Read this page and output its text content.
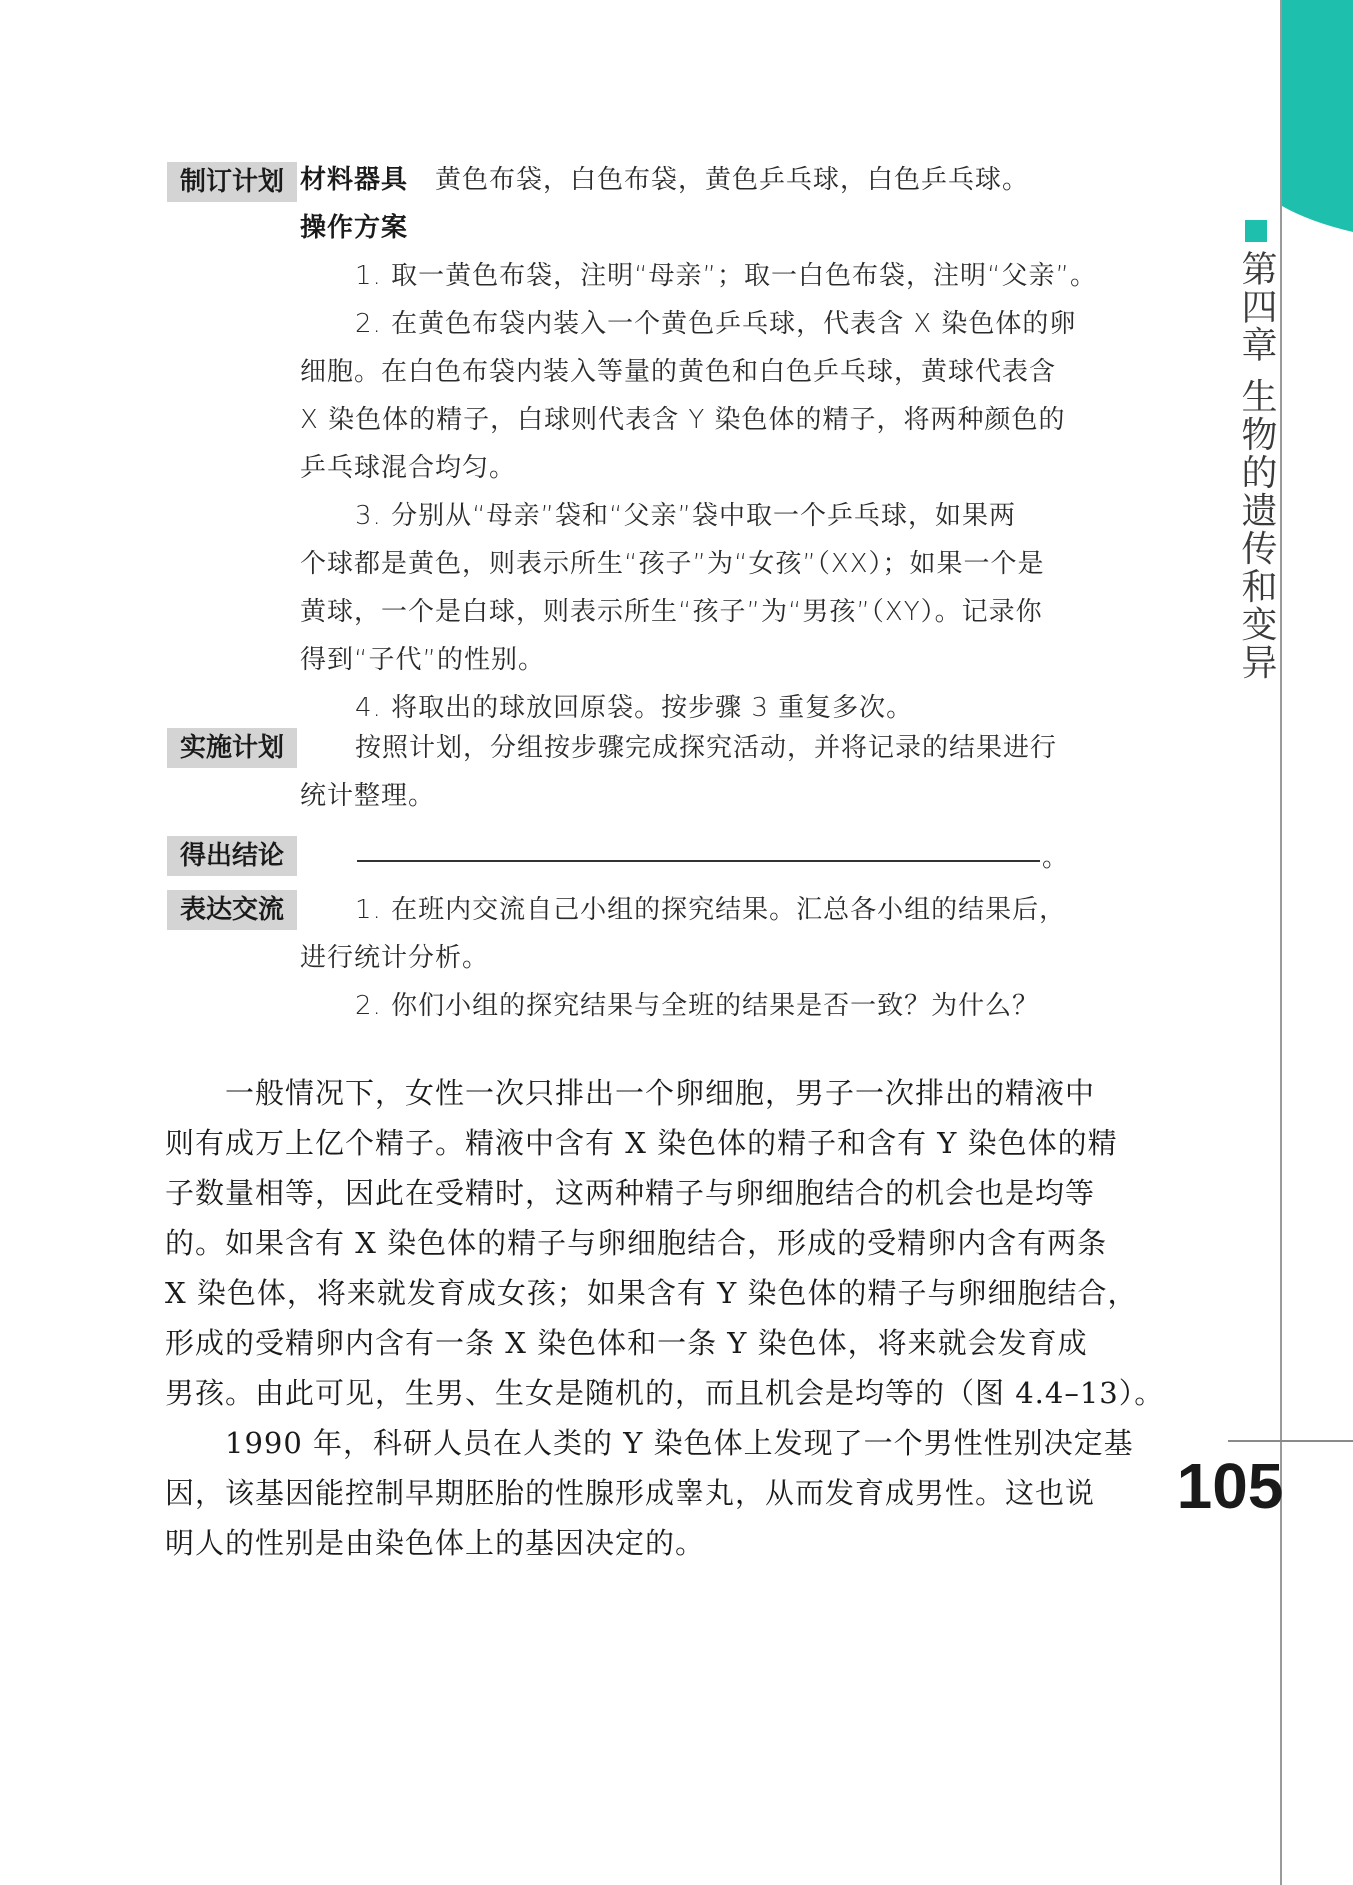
第四章 生物的遗传和变异
105
制订计划 材料器具　 黄色布袋，白色布袋，黄色乒乓球，白色乒乓球。
操作方案
1. 取一黄色布袋，注明“母亲”；取一白色布袋，注明“父亲”。
2. 在黄色布袋内装入一个黄色乒乓球，代表含 X 染色体的卵
细胞。在白色布袋内装入等量的黄色和白色乒乓球，黄球代表含
X 染色体的精子，白球则代表含 Y 染色体的精子，将两种颜色的
乒乓球混合均匀。
3. 分别从“母亲”袋和“父亲”袋中取一个乒乓球，如果两
个球都是黄色，则表示所生“孩子”为“女孩”（XX）；如果一个是
黄球，一个是白球，则表示所生“孩子”为“男孩”（XY）。记录你
得到“子代”的性别。
4. 将取出的球放回原袋。按步骤 3 重复多次。
实施计划	按照计划，分组按步骤完成探究活动，并将记录的结果进行
统计整理。
得出结论	。
表达交流	1. 在班内交流自己小组的探究结果。汇总各小组的结果后，
进行统计分析。
2. 你们小组的探究结果与全班的结果是否一致？为什么？
一般情况下，女性一次只排出一个卵细胞，男子一次排出的精液中
则有成万上亿个精子。精液中含有 X 染色体的精子和含有 Y 染色体的精
子数量相等，因此在受精时，这两种精子与卵细胞结合的机会也是均等
的。如果含有 X 染色体的精子与卵细胞结合，形成的受精卵内含有两条
X 染色体，将来就发育成女孩；如果含有 Y 染色体的精子与卵细胞结合，
形成的受精卵内含有一条 X 染色体和一条 Y 染色体，将来就会发育成
男孩。由此可见，生男、生女是随机的，而且机会是均等的（图 4.4–13）。
1990 年，科研人员在人类的 Y 染色体上发现了一个男性性别决定基
因，该基因能控制早期胚胎的性腺形成睾丸，从而发育成男性。这也说
明人的性别是由染色体上的基因决定的。
